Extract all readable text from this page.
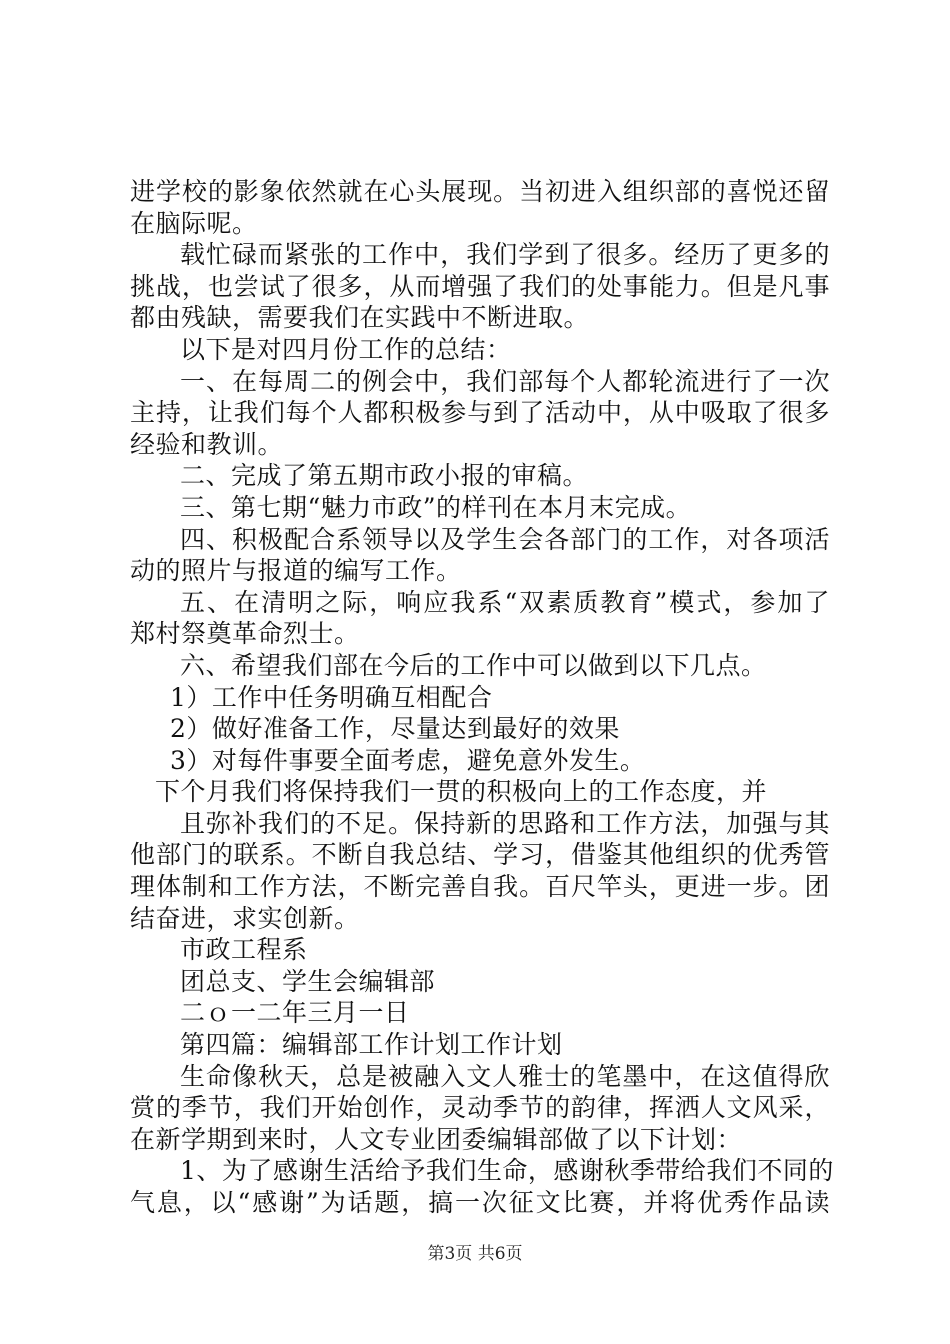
进学校的影象依然就在心头展现。当初进入组织部的喜悦还留
在脑际呢。
载忙碌而紧张的工作中，我们学到了很多。经历了更多的
挑战，也尝试了很多，从而增强了我们的处事能力。但是凡事
都由残缺，需要我们在实践中不断进取。
以下是对四月份工作的总结：
一、在每周二的例会中，我们部每个人都轮流进行了一次
主持，让我们每个人都积极参与到了活动中，从中吸取了很多
经验和教训。
二、完成了第五期市政小报的审稿。
三、第七期“魅力市政”的样刊在本月末完成。
四、积极配合系领导以及学生会各部门的工作，对各项活
动的照片与报道的编写工作。
五、在清明之际，响应我系“双素质教育”模式，参加了
郑村祭奠革命烈士。
六、希望我们部在今后的工作中可以做到以下几点。
1）工作中任务明确互相配合
2）做好准备工作，尽量达到最好的效果
3）对每件事要全面考虑，避免意外发生。
下个月我们将保持我们一贯的积极向上的工作态度，并
且弥补我们的不足。保持新的思路和工作方法，加强与其
他部门的联系。不断自我总结、学习，借鉴其他组织的优秀管
理体制和工作方法，不断完善自我。百尺竿头，更进一步。团
结奋进，求实创新。
市政工程系
团总支、学生会编辑部
二ｏ一二年三月一日
第四篇：编辑部工作计划工作计划
生命像秋天，总是被融入文人雅士的笔墨中，在这值得欣
赏的季节，我们开始创作，灵动季节的韵律，挥洒人文风采，
在新学期到来时，人文专业团委编辑部做了以下计划：
1、为了感谢生活给予我们生命，感谢秋季带给我们不同的
气息，以“感谢”为话题，搞一次征文比赛，并将优秀作品读
第3页 共6页
